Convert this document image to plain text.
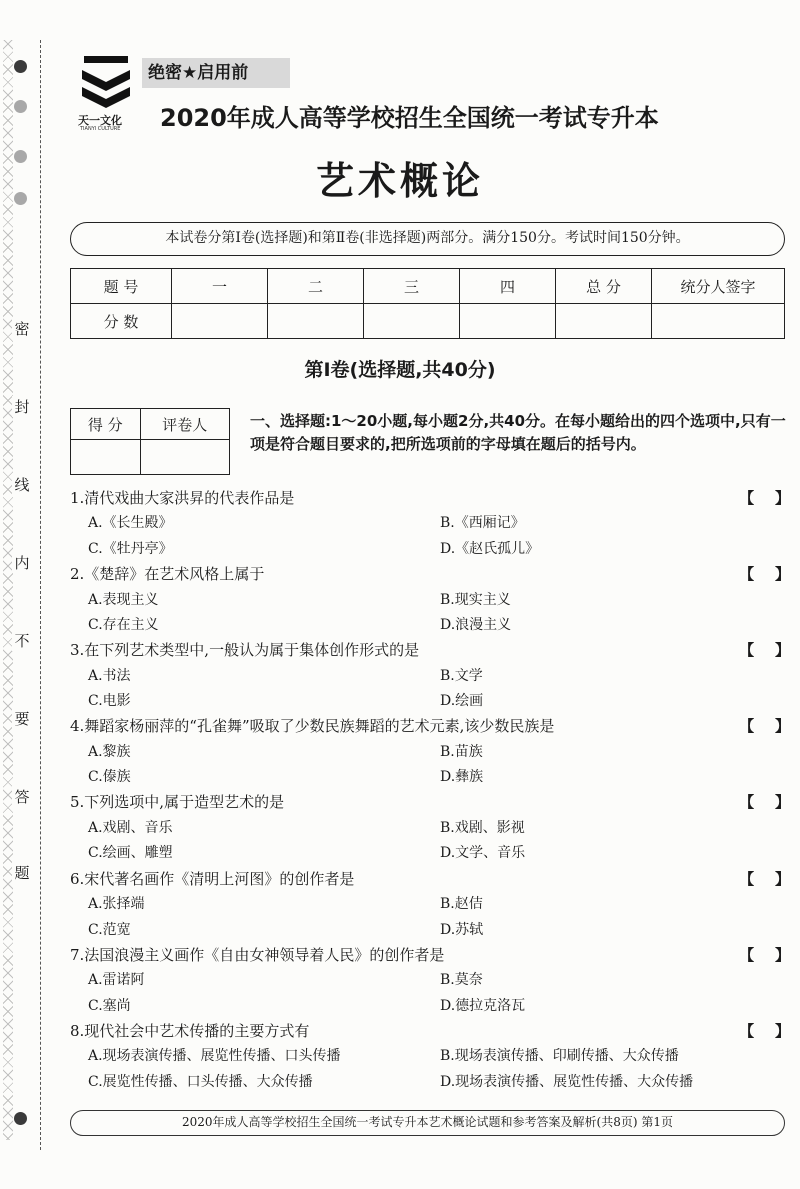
密
封
线
内
不
要
答
题
天一文化
TIANYI CULTURE
绝密★启用前
2020年成人高等学校招生全国统一考试专升本
艺术概论
本试卷分第Ⅰ卷(选择题)和第Ⅱ卷(非选择题)两部分。满分150分。考试时间150分钟。
题 号	一	二	三	四	总 分	统分人签字
分 数						
第Ⅰ卷(选择题,共40分)
得 分	评卷人
		一、选择题:1～20小题,每小题2分,共40分。在每小题给出的四个选项中,只有一项是符合题目要求的,把所选项前的字母填在题后的括号内。
1.清代戏曲大家洪昇的代表作品是	【    】
A.《长生殿》	B.《西厢记》
C.《牡丹亭》	D.《赵氏孤儿》
2.《楚辞》在艺术风格上属于	【    】
A.表现主义	B.现实主义
C.存在主义	D.浪漫主义
3.在下列艺术类型中,一般认为属于集体创作形式的是	【    】
A.书法	B.文学
C.电影	D.绘画
4.舞蹈家杨丽萍的“孔雀舞”吸取了少数民族舞蹈的艺术元素,该少数民族是	【    】
A.黎族	B.苗族
C.傣族	D.彝族
5.下列选项中,属于造型艺术的是	【    】
A.戏剧、音乐	B.戏剧、影视
C.绘画、雕塑	D.文学、音乐
6.宋代著名画作《清明上河图》的创作者是	【    】
A.张择端	B.赵佶
C.范宽	D.苏轼
7.法国浪漫主义画作《自由女神领导着人民》的创作者是	【    】
A.雷诺阿	B.莫奈
C.塞尚	D.德拉克洛瓦
8.现代社会中艺术传播的主要方式有	【    】
A.现场表演传播、展览性传播、口头传播	B.现场表演传播、印刷传播、大众传播
C.展览性传播、口头传播、大众传播	D.现场表演传播、展览性传播、大众传播
2020年成人高等学校招生全国统一考试专升本艺术概论试题和参考答案及解析(共8页) 第1页
